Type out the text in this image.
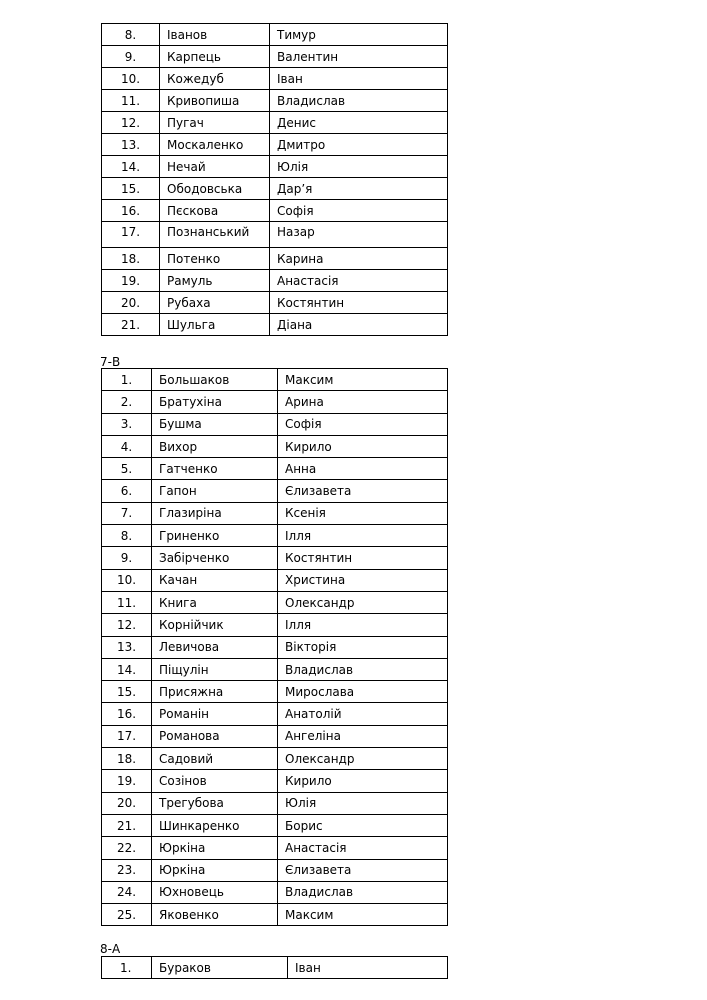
8.	Іванов	Тимур
9.	Карпець	Валентин
10.	Кожедуб	Іван
11.	Кривопиша	Владислав
12.	Пугач	Денис
13.	Москаленко	Дмитро
14.	Нечай	Юлія
15.	Ободовська	Дар’я
16.	Пєскова	Софія
17.	Познанський	Назар
18.	Потенко	Карина
19.	Рамуль	Анастасія
20.	Рубаха	Костянтин
21.	Шульга	Діана
7-В
1.	Большаков	Максим
2.	Братухіна	Арина
3.	Бушма	Софія
4.	Вихор	Кирило
5.	Гатченко	Анна
6.	Гапон	Єлизавета
7.	Глазиріна	Ксенія
8.	Гриненко	Ілля
9.	Забірченко	Костянтин
10.	Качан	Христина
11.	Книга	Олександр
12.	Корнійчик	Ілля
13.	Левичова	Вікторія
14.	Піщулін	Владислав
15.	Присяжна	Мирослава
16.	Романін	Анатолій
17.	Романова	Ангеліна
18.	Садовий	Олександр
19.	Созінов	Кирило
20.	Трегубова	Юлія
21.	Шинкаренко	Борис
22.	Юркіна	Анастасія
23.	Юркіна	Єлизавета
24.	Юхновець	Владислав
25.	Яковенко	Максим
8-А
1.	Бураков	Іван
